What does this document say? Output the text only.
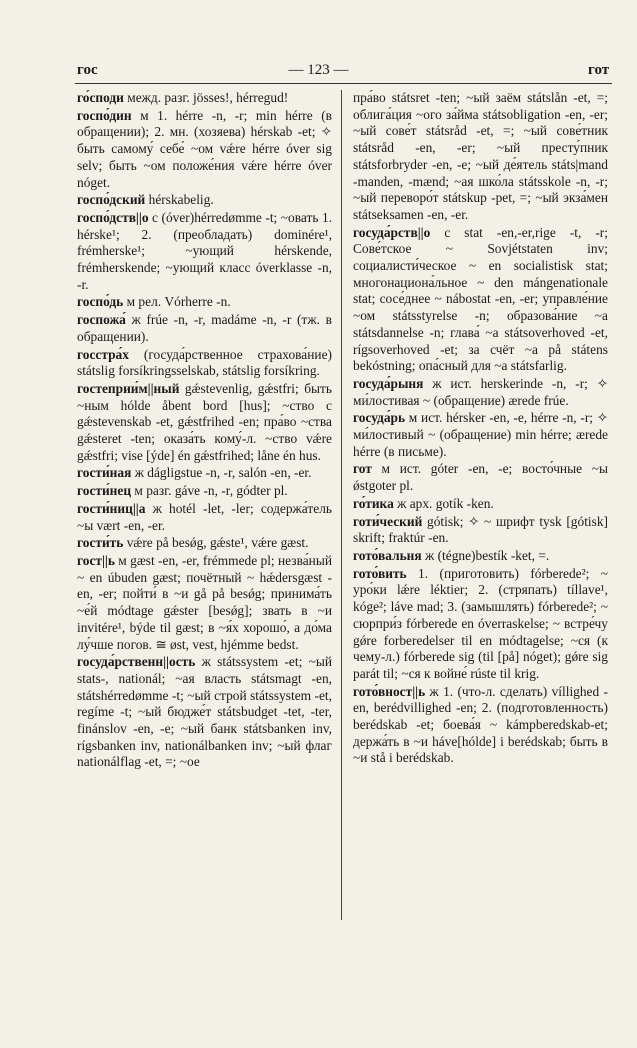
гос	— 123 —	гот
го́споди межд. разг. jösses!, hérregud!
госпо́дин м 1. hérre -n, -r; min hérre (в обращении); 2. мн. (хозяева) hérskab -et; ✧ быть самому́ себе́ ~ом vǽre hérre óver sig selv; быть ~ом положе́ния vǽre hérre óver nóget.
госпо́дский hérskabelig.
госпо́дств||о с (óver)hérredømme -t; ~овать 1. hérske¹; 2. (преобладать) dominére¹, frémherske¹; ~ующий hérskende, frémherskende; ~ующий класс óverklasse -n, -r.
госпо́дь м рел. Vórherre -n.
госпожа́ ж frúe -n, -r, madáme -n, -r (тж. в обращении).
госстра́х (госуда́рственное страхова́ние) státslig forsíkringsselskab, státslig forsíkring.
гостеприи́м||ный gǽstevenlig, gǽstfri; быть ~ным hólde åbent bord [hus]; ~ство с gǽstevenskab -et, gǽstfrihed -en; пра́во ~ства gǽsteret -ten; оказа́ть кому́-л. ~ство vǽre gǽstfri; vise [ýde] én gǽstfrihed; låne én hus.
гости́ная ж dágligstue -n, -r, salón -en, -er.
гости́нец м разг. gáve -n, -r, gódter pl.
гости́ниц||а ж hotél -let, -ler; содержа́тель ~ы vært -en, -er.
гости́ть vǽre på besǿg, gǽste¹, vǽre gæst.
гост||ь м gæst -en, -er, frémmede pl; незва́ный ~ en úbuden gæst; почётный ~ hǽdersgæst -en, -er; пойти́ в ~и gå på besǿg; принима́ть ~е́й módtage gǽster [besǿg]; звать в ~и invitére¹, býde til gæst; в ~я́х хорошо́, а до́ма лу́чше погов. ≅ øst, vest, hjémme bedst.
госуда́рственн||ость ж státssystem -et; ~ый stats-, nationál; ~ая власть státsmagt -en, státshérredømme -t; ~ый строй státssystem -et, regíme -t; ~ый бюдже́т státsbudget -tet, -ter, finánslov -en, -e; ~ый банк státsbanken inv, rígsbanken inv, nationálbanken inv; ~ый флаг nationálflag -et, =; ~ое
пра́во státsret -ten; ~ый заём státslån -et, =; облига́ция ~ого за́йма státsobligation -en, -er; ~ый сове́т státsråd -et, =; ~ый сове́тник státsråd -en, -er; ~ый престу́пник státsforbryder -en, -e; ~ый де́ятель státs|mand -manden, -mænd; ~ая шко́ла státsskole -n, -r; ~ый переворо́т státskup -pet, =; ~ый экза́мен státseksamen -en, -er.
госуда́рств||о с stat -en,-er,rige -t, -r; Сове́тское ~ Sovjétstaten inv; социалисти́ческое ~ en socialistisk stat; многонациона́льное ~ den mángenationale stat; сосе́днее ~ nábostat -en, -er; управле́ние ~ом státsstyrelse -n; образова́ние ~а státsdannelse -n; глава́ ~а státsoverhoved -et, rígsoverhoved -et; за счёт ~а på státens bekóstning; опа́сный для ~а státsfarlig.
госуда́рыня ж ист. herskerinde -n, -r; ✧ ми́лостивая ~ (обращение) ærede frúe.
госуда́рь м ист. hérsker -en, -e, hérre -n, -r; ✧ ми́лостивый ~ (обращение) min hérre; ærede hérre (в письме).
гот м ист. góter -en, -e; восто́чные ~ы ǿstgoter pl.
го́тика ж арх. gotík -ken.
готи́ческий gótisk; ✧ ~ шрифт tysk [gótisk] skrift; fraktúr -en.
гото́вальня ж (tégne)bestík -ket, =.
гото́вить 1. (приготовить) fórberede²; ~ уро́ки lǽre léktier; 2. (стряпать) tíllave¹, kóge²; láve mad; 3. (замышлять) fórberede²; ~ сюрпри́з fórberede en óverraskelse; ~ встре́чу gǿre forberedelser til en módtagelse; ~ся (к чему-л.) fórberede sig (til [på] nóget); gǿre sig parát til; ~ся к войне́ rúste til krig.
гото́вност||ь ж 1. (что-л. сделать) víllighed -en, berédvillighed -en; 2. (подготовленность) berédskab -et; боева́я ~ kámpberedskab-et; держа́ть в ~и háve[hólde] i berédskab; быть в ~и stå i berédskab.
